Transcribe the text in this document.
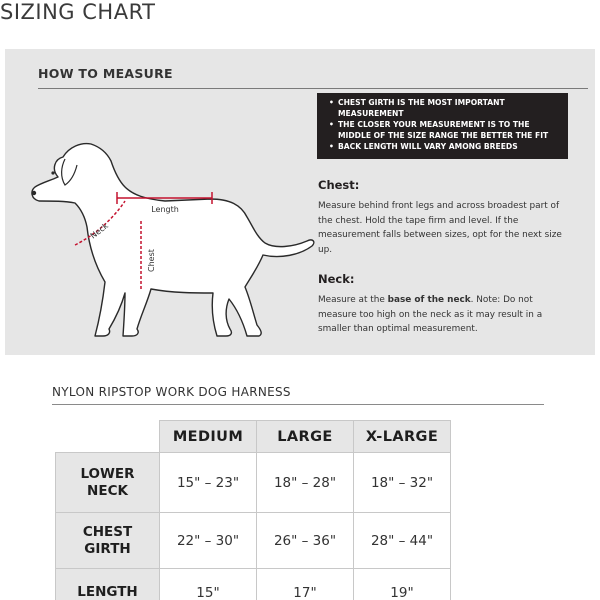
SIZING CHART
HOW TO MEASURE
• CHEST GIRTH IS THE MOST IMPORTANT MEASUREMENT
• THE CLOSER YOUR MEASUREMENT IS TO THE MIDDLE OF THE SIZE RANGE THE BETTER THE FIT
• BACK LENGTH WILL VARY AMONG BREEDS
Length
Neck
Chest
Chest:
Measure behind front legs and across broadest part of the chest. Hold the tape firm and level. If the measurement falls between sizes, opt for the next size up.
Neck:
Measure at the base of the neck. Note: Do not measure too high on the neck as it may result in a smaller than optimal measurement.
NYLON RIPSTOP WORK DOG HARNESS
	MEDIUM	LARGE	X-LARGE
LOWER
NECK	15" – 23"	18" – 28"	18" – 32"
CHEST
GIRTH	22" – 30"	26" – 36"	28" – 44"
LENGTH	15"	17"	19"
